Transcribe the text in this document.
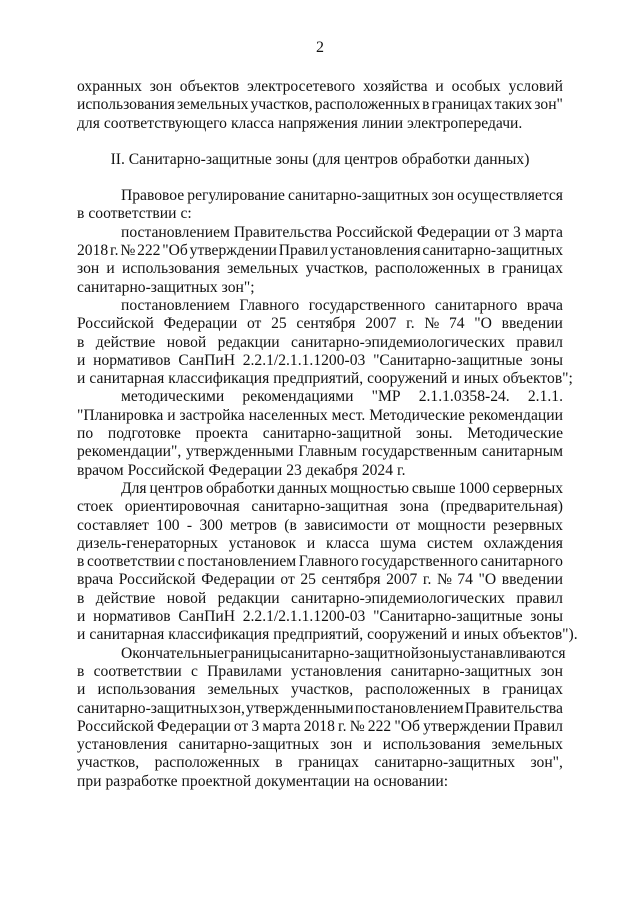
2
охранных зон объектов электросетевого хозяйства и особых условий
использования земельных участков, расположенных в границах таких зон"
для соответствующего класса напряжения линии электропередачи.
II. Санитарно-защитные зоны (для центров обработки данных)
Правовое регулирование санитарно-защитных зон осуществляется
в соответствии с:
постановлением Правительства Российской Федерации от 3 марта
2018 г. № 222 "Об утверждении Правил установления санитарно-защитных
зон и использования земельных участков, расположенных в границах
санитарно-защитных зон";
постановлением Главного государственного санитарного врача
Российской Федерации от 25 сентября 2007 г. № 74 "О введении
в действие новой редакции санитарно-эпидемиологических правил
и нормативов СанПиН 2.2.1/2.1.1.1200-03 "Санитарно-защитные зоны
и санитарная классификация предприятий, сооружений и иных объектов";
методическими рекомендациями "МР 2.1.1.0358-24. 2.1.1.
"Планировка и застройка населенных мест. Методические рекомендации
по подготовке проекта санитарно-защитной зоны. Методические
рекомендации", утвержденными Главным государственным санитарным
врачом Российской Федерации 23 декабря 2024 г.
Для центров обработки данных мощностью свыше 1000 серверных
стоек ориентировочная санитарно-защитная зона (предварительная)
составляет 100 - 300 метров (в зависимости от мощности резервных
дизель-генераторных установок и класса шума систем охлаждения
в соответствии с постановлением Главного государственного санитарного
врача Российской Федерации от 25 сентября 2007 г. № 74 "О введении
в действие новой редакции санитарно-эпидемиологических правил
и нормативов СанПиН 2.2.1/2.1.1.1200-03 "Санитарно-защитные зоны
и санитарная классификация предприятий, сооружений и иных объектов").
Окончательные границы санитарно-защитной зоны устанавливаются
в соответствии с Правилами установления санитарно-защитных зон
и использования земельных участков, расположенных в границах
санитарно-защитных зон, утвержденными постановлением Правительства
Российской Федерации от 3 марта 2018 г. № 222 "Об утверждении Правил
установления санитарно-защитных зон и использования земельных
участков, расположенных в границах санитарно-защитных зон",
при разработке проектной документации на основании:
